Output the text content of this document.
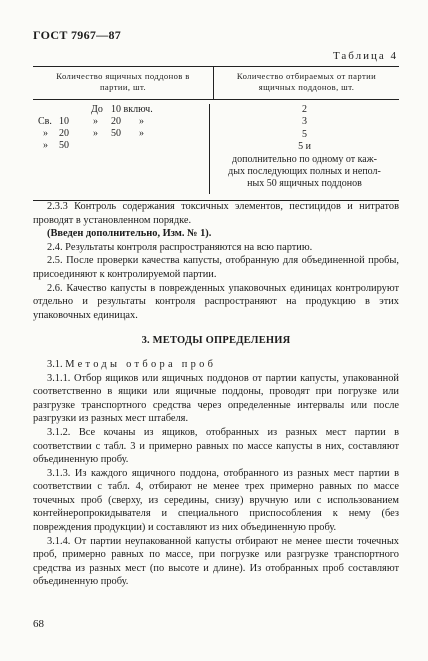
ГОСТ 7967—87
Таблица 4
Количество ящичных поддонов в
партии, шт.
Количество отбираемых от партии
ящичных поддонов, шт.
До 10 включ.
Св. 10 » 20 »
» 20 » 50 »
» 50
2
3
5
5 и
дополнительно по одному от каж-
дых последующих полных и непол-
ных 50 ящичных поддонов

2.3.3 Контроль содержания токсичных элементов, пестицидов и нитратов проводят в установленном порядке.

(Введен дополнительно, Изм. № 1).

2.4. Результаты контроля распространяются на всю партию.

2.5. После проверки качества капусты, отобранную для объединенной пробы, присоединяют к контролируемой партии.

2.6. Качество капусты в поврежденных упаковочных единицах контролируют отдельно и результаты контроля распространяют на продукцию в этих упаковочных единицах.

3. МЕТОДЫ ОПРЕДЕЛЕНИЯ

3.1. Методы отбора проб

3.1.1. Отбор ящиков или ящичных поддонов от партии капусты, упакованной соответственно в ящики или ящичные поддоны, проводят при погрузке или разгрузке транспортного средства через определенные интервалы или после разгрузки из разных мест штабеля.

3.1.2. Все кочаны из ящиков, отобранных из разных мест партии в соответствии с табл. 3 и примерно равных по массе капусты в них, составляют объединенную пробу.

3.1.3. Из каждого ящичного поддона, отобранного из разных мест партии в соответствии с табл. 4, отбирают не менее трех примерно равных по массе точечных проб (сверху, из середины, снизу) вручную или с использованием контейнеропрокидывателя и специального приспособления к нему (без повреждения продукции) и составляют из них объединенную пробу.

3.1.4. От партии неупакованной капусты отбирают не менее шести точечных проб, примерно равных по массе, при погрузке или разгрузке транспортного средства из разных мест (по высоте и длине). Из отобранных проб составляют объединенную пробу.

68
